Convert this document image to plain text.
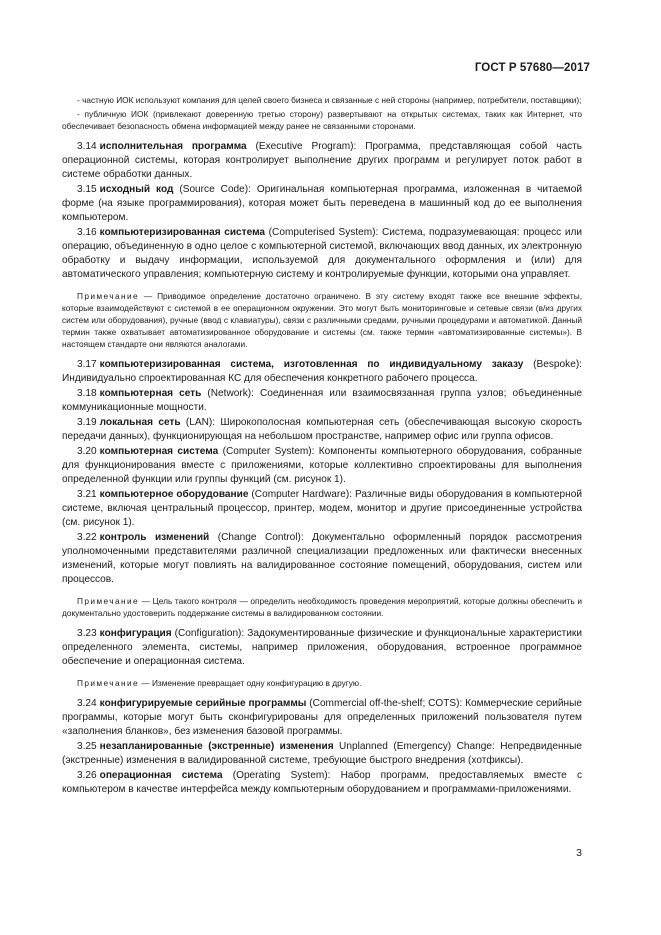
ГОСТ Р 57680—2017

- частную ИОК используют компания для целей своего бизнеса и связанные с ней стороны (например, потребители, поставщики);

- публичную ИОК (привлекают доверенную третью сторону) развертывают на открытых системах, таких как Интернет, что обеспечивает безопасность обмена информацией между ранее не связанными сторонами.

3.14 исполнительная программа (Executive Program): Программа, представляющая собой часть операционной системы, которая контролирует выполнение других программ и регулирует поток работ в системе обработки данных.

3.15 исходный код (Source Code): Оригинальная компьютерная программа, изложенная в читаемой форме (на языке программирования), которая может быть переведена в машинный код до ее выполнения компьютером.

3.16 компьютеризированная система (Computerised System): Система, подразумевающая: процесс или операцию, объединенную в одно целое с компьютерной системой, включающих ввод данных, их электронную обработку и выдачу информации, используемой для документального оформления и (или) для автоматического управления; компьютерную систему и контролируемые функции, которыми она управляет.

Примечание — Приводимое определение достаточно ограничено. В эту систему входят также все внешние эффекты, которые взаимодействуют с системой в ее операционном окружении. Это могут быть мониторинговые и сетевые связи (в/из других систем или оборудования), ручные (ввод с клавиатуры), связи с различными средами, ручными процедурами и автоматикой. Данный термин также охватывает автоматизированное оборудование и системы (см. также термин «автоматизированные системы»). В настоящем стандарте они являются аналогами.

3.17 компьютеризированная система, изготовленная по индивидуальному заказу (Bespoke): Индивидуально спроектированная КС для обеспечения конкретного рабочего процесса.

3.18 компьютерная сеть (Network): Соединенная или взаимосвязанная группа узлов; объединенные коммуникационные мощности.

3.19 локальная сеть (LAN): Широкополосная компьютерная сеть (обеспечивающая высокую скорость передачи данных), функционирующая на небольшом пространстве, например офис или группа офисов.

3.20 компьютерная система (Computer System): Компоненты компьютерного оборудования, собранные для функционирования вместе с приложениями, которые коллективно спроектированы для выполнения определенной функции или группы функций (см. рисунок 1).

3.21 компьютерное оборудование (Computer Hardware): Различные виды оборудования в компьютерной системе, включая центральный процессор, принтер, модем, монитор и другие присоединенные устройства (см. рисунок 1).

3.22 контроль изменений (Change Control): Документально оформленный порядок рассмотрения уполномоченными представителями различной специализации предложенных или фактически внесенных изменений, которые могут повлиять на валидированное состояние помещений, оборудования, систем или процессов.

Примечание — Цель такого контроля — определить необходимость проведения мероприятий, которые должны обеспечить и документально удостоверить поддержание системы в валидированном состоянии.

3.23 конфигурация (Configuration): Задокументированные физические и функциональные характеристики определенного элемента, системы, например приложения, оборудования, встроенное программное обеспечение и операционная система.

Примечание — Изменение превращает одну конфигурацию в другую.

3.24 конфигурируемые серийные программы (Commercial off-the-shelf; COTS): Коммерческие серийные программы, которые могут быть сконфигурированы для определенных приложений пользователя путем «заполнения бланков», без изменения базовой программы.

3.25 незапланированные (экстренные) изменения Unplanned (Emergency) Change: Непредвиденные (экстренные) изменения в валидированной системе, требующие быстрого внедрения (хотфиксы).

3.26 операционная система (Operating System): Набор программ, предоставляемых вместе с компьютером в качестве интерфейса между компьютерным оборудованием и программами-приложениями.

3
